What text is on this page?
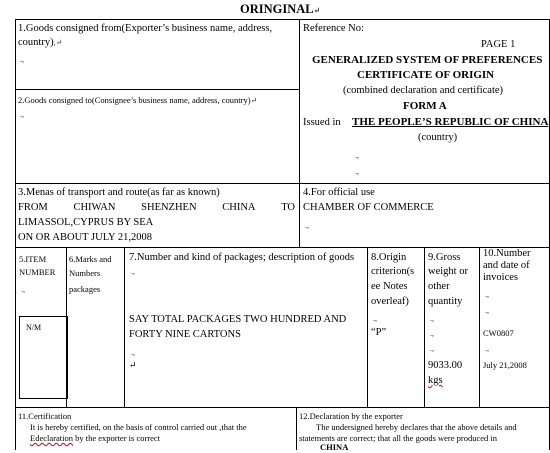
ORINGINAL↵
1.Goods consigned from(Exporter’s business name, address,
country),↵
.,
2.Goods consigned to(Consignee’s business name, address, country)↵
.,
Reference No:
PAGE 1
GENERALIZED SYSTEM OF PREFERENCES
CERTIFICATE OF ORIGIN
(combined declaration and certificate)
FORM A
Issued in THE PEOPLE’S REPUBLIC OF CHINA
(country)
.,
.,
3.Menas of transport and route(as far as known)
FROM CHIWAN SHENZHEN CHINA TO
LIMASSOL,CYPRUS BY SEA
ON OR ABOUT JULY 21,2008
4.For official use
CHAMBER OF COMMERCE
.,
5.ITEM
NUMBER
.,
6.Marks and
Numbers
packages
N/M
7.Number and kind of packages; description of goods
.,
SAY TOTAL PACKAGES TWO HUNDRED AND
FORTY NINE CARTONS
.,
↵
8.Origin
criterion(s
ee Notes
overleaf)
.,
“P”
9.Gross
weight or
other
quantity
.,
.,
.,
9033.00
kgs
10.Number
and date of
invoices
.,
.,
CW0807
.,
July 21,2008
11.Certification
It is hereby certified, on the basis of control carried out ,that the
Edeclaration by the exporter is correct
12.Declaration by the exporter
The undersigned hereby declares that the above details and
statements are correct; that all the goods were produced in
CHINA
